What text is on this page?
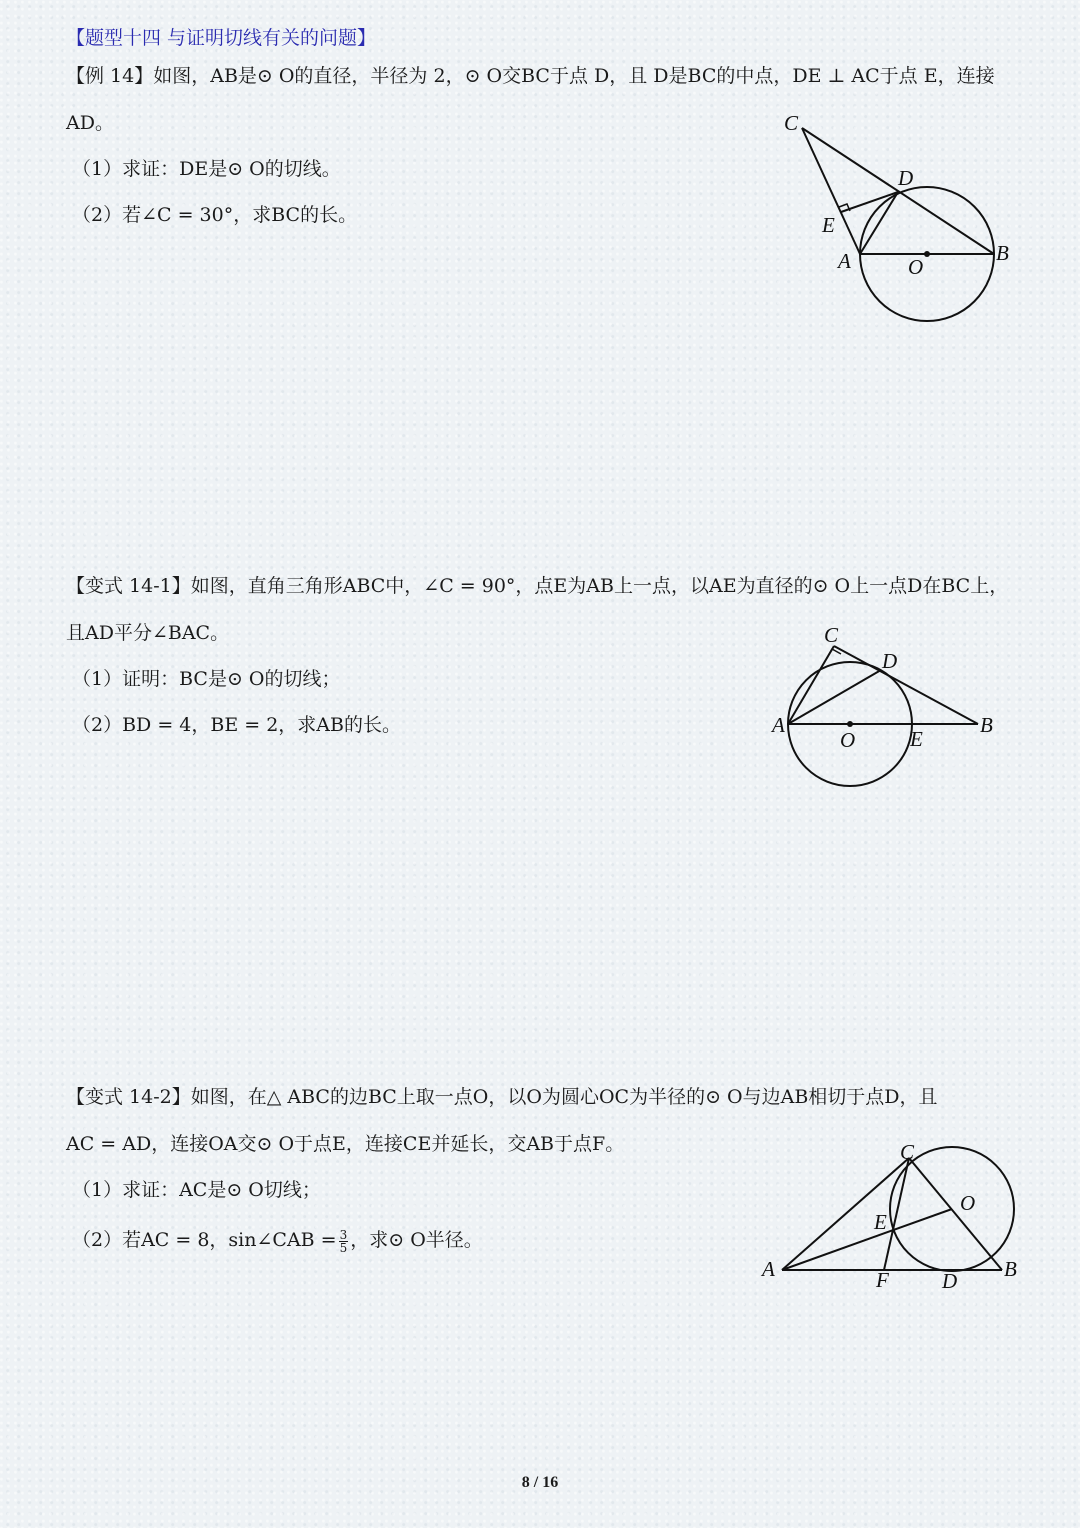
【题型十四 与证明切线有关的问题】
【例 14】如图，AB是⊙ O的直径，半径为 2，⊙ O交BC于点 D，且 D是BC的中点，DE ⊥ AC于点 E，连接
AD。
（1）求证：DE是⊙ O的切线。
（2）若∠C = 30°，求BC的长。
C
D
E
A	O
B
【变式 14-1】如图，直角三角形ABC中，∠C = 90°，点E为AB上一点，以AE为直径的⊙ O上一点D在BC上，
且AD平分∠BAC。
（1）证明：BC是⊙ O的切线；
（2）BD = 4，BE = 2，求AB的长。
C
D
A
O	E
B
【变式 14-2】如图，在△ ABC的边BC上取一点O，以O为圆心OC为半径的⊙ O与边AB相切于点D，且
AC = AD，连接OA交⊙ O于点E，连接CE并延长，交AB于点F。
（1）求证：AC是⊙ O切线；
（2）若AC = 8，sin∠CAB = $\frac{3}{5}$ ，求⊙ O半径。
C
O
E
A	F	D B
8 / 16
